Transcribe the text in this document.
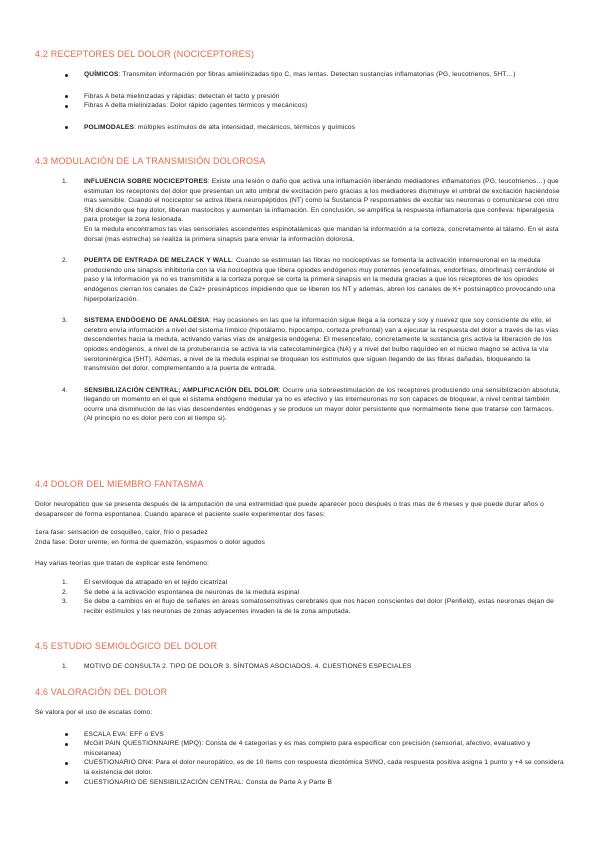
4.2 RECEPTORES DEL DOLOR (NOCICEPTORES)
QUÍMICOS: Transmiten información por fibras amielinizadas tipo C, mas lentas. Detectan sustancias inflamatorias (PG, leucotrienos, 5HT…)
Fibras A beta mielinizadas y rápidas: detectan el tacto y presión
Fibras A delta mielinizadas: Dolor rápido (agentes térmicos y mecánicos)
POLIMODALES: múltiples estímulos de alta intensidad, mecánicos, térmicos y químicos
4.3 MODULACIÓN DE LA TRANSMISIÓN DOLOROSA
1. INFLUENCIA SOBRE NOCICEPTORES: Existe una lesión o daño que activa una inflamación liberando mediadores inflamatorios (PG, leucotrienos…) que estimulan los receptores del dolor que presentan un alto umbral de excitación pero gracias a los mediadores disminuye el umbral de excitación haciéndose mas sensible. Cuando el nociceptor se activa libera neuropéptidos (NT) como la Sustancia P responsables de excitar las neuronas o comunicarse con otro SN diciendo que hay dolor, liberan mastocitos y aumentan la inflamación. En conclusión, se amplifica la respuesta inflamatoria que conlleva: hiperalgesia para proteger la zona lesionada.
En la medula encontramos las vías sensoriales ascendentes espinotalámicas que mandan la información a la corteza, concretamente al tálamo. En el asta dorsal (mas estrecha) se realiza la primera sinapsis para enviar la información dolorosa.
2. PUERTA DE ENTRADA DE MELZACK Y WALL: Cuando se estimulan las fibras no nociceptivas se fomenta la activación interneuronal en la medula produciendo una sinapsis inhibitoria con la vía nociceptiva que libera opiodes endógenos muy potentes (encefalinas, endorfinas, dinorfinas) cerrándole el paso y la información ya no es transmitida a la corteza porque se corta la primera sinapsis en la medula gracias a que los receptores de los opiodes endógenos cierran los canales de Ca2+ presinápticos impidiendo que se liberen los NT y ademas, abren los canales de K+ postsinaptico provocando una hiperpolarización.
3. SISTEMA ENDÓGENO DE ANALGESIA: Hay ocasiones en las que la información sigue llega a la corteza y soy y nuevez que soy consciente de ello, el cerebro envía información a nivel del sistema límbico (hipotálamo, hipocampo, corteza prefrontal) van a ejecutar la respuesta del dolor a través de las vías descendentes hacia la medula, activando varias vías de analgesia endógena: El mesencefalo, concretamente la sustancia gris activa la liberación de los opiodes endógenos, a nivel de la protuberancia se activa la vía catecolaminérgica (NA) y a nivel del bulbo raquídeo en el núcleo magno se activa la vía serotoninérgica (5HT). Ademas, a nivel de la medula espinal se bloquean los estímulos que siguen llegando de las fibras dañadas, bloqueando la transmisión del dolor, complementando a la puerta de entrada.
4. SENSIBILIZACIÓN CENTRAL; AMPLIFICACIÓN DEL DOLOR: Ocurre una sobreestimulación de los receptores produciendo una sensibilización absoluta, llegando un momento en el que el sistema endógeno medular ya no es efectivo y las interneuronas no son capaces de bloquear, a nivel central también ocurre una disminución de las vías descendentes endógenas y se produce un mayor dolor persistente que normalmente tiene que tratarse con fármacos. (Al principio no es dolor pero con el tiempo si).
4.4 DOLOR DEL MIEMBRO FANTASMA

Dolor neuropático que se presenta después de la amputación de una extremidad que puede aparecer poco después o tras mas de 6 meses y que puede durar años o desaparecer de forma espontanea. Cuando aparece el paciente suele experimentar dos fases:

1era fase: sensación de cosquilleo, calor, frío o pesadez

2nda fase: Dolor urente, en forma de quemazón, espasmos o dolor agudos

Hay varias teorías que tratan de explicar este fenómeno:

1. El serviloque da atrapado en el tejido cicatrizal
2. Se debe a la activación espontanea de neuronas de la medula espinal
3. Se debe a cambios en el flujo de señales en áreas somatosensitivas cerebrales que nos hacen conscientes del dolor (Penfield), estas neuronas dejan de recibir estímulos y las neuronas de zonas adyacentes invaden la de la zona amputada.
4.5 ESTUDIO SEMIOLÓGICO DEL DOLOR
1. MOTIVO DE CONSULTA 2. TIPO DE DOLOR 3. SÍNTOMAS ASOCIADOS. 4. CUESTIONES ESPECIALES
4.6 VALORACIÓN DEL DOLOR

Se valora por el uso de escalas como:

ESCALA EVA: EFF o EVS
McGill PAIN QUESTIONNAIRE (MPQ): Consta de 4 categorías y es mas completo para especificar con precisión (sensorial, afectivo, evaluativo y miscelanea)
CUESTIONARIO DN4: Para el dolor neuropático, es de 10 ítems con respuesta dicotómica SI/NO, cada respuesta positiva asigna 1 punto y +4 se considera la existencia del dolor.
CUESTIONARIO DE SENSIBILIZACIÓN CENTRAL: Consta de Parte A y Parte B
